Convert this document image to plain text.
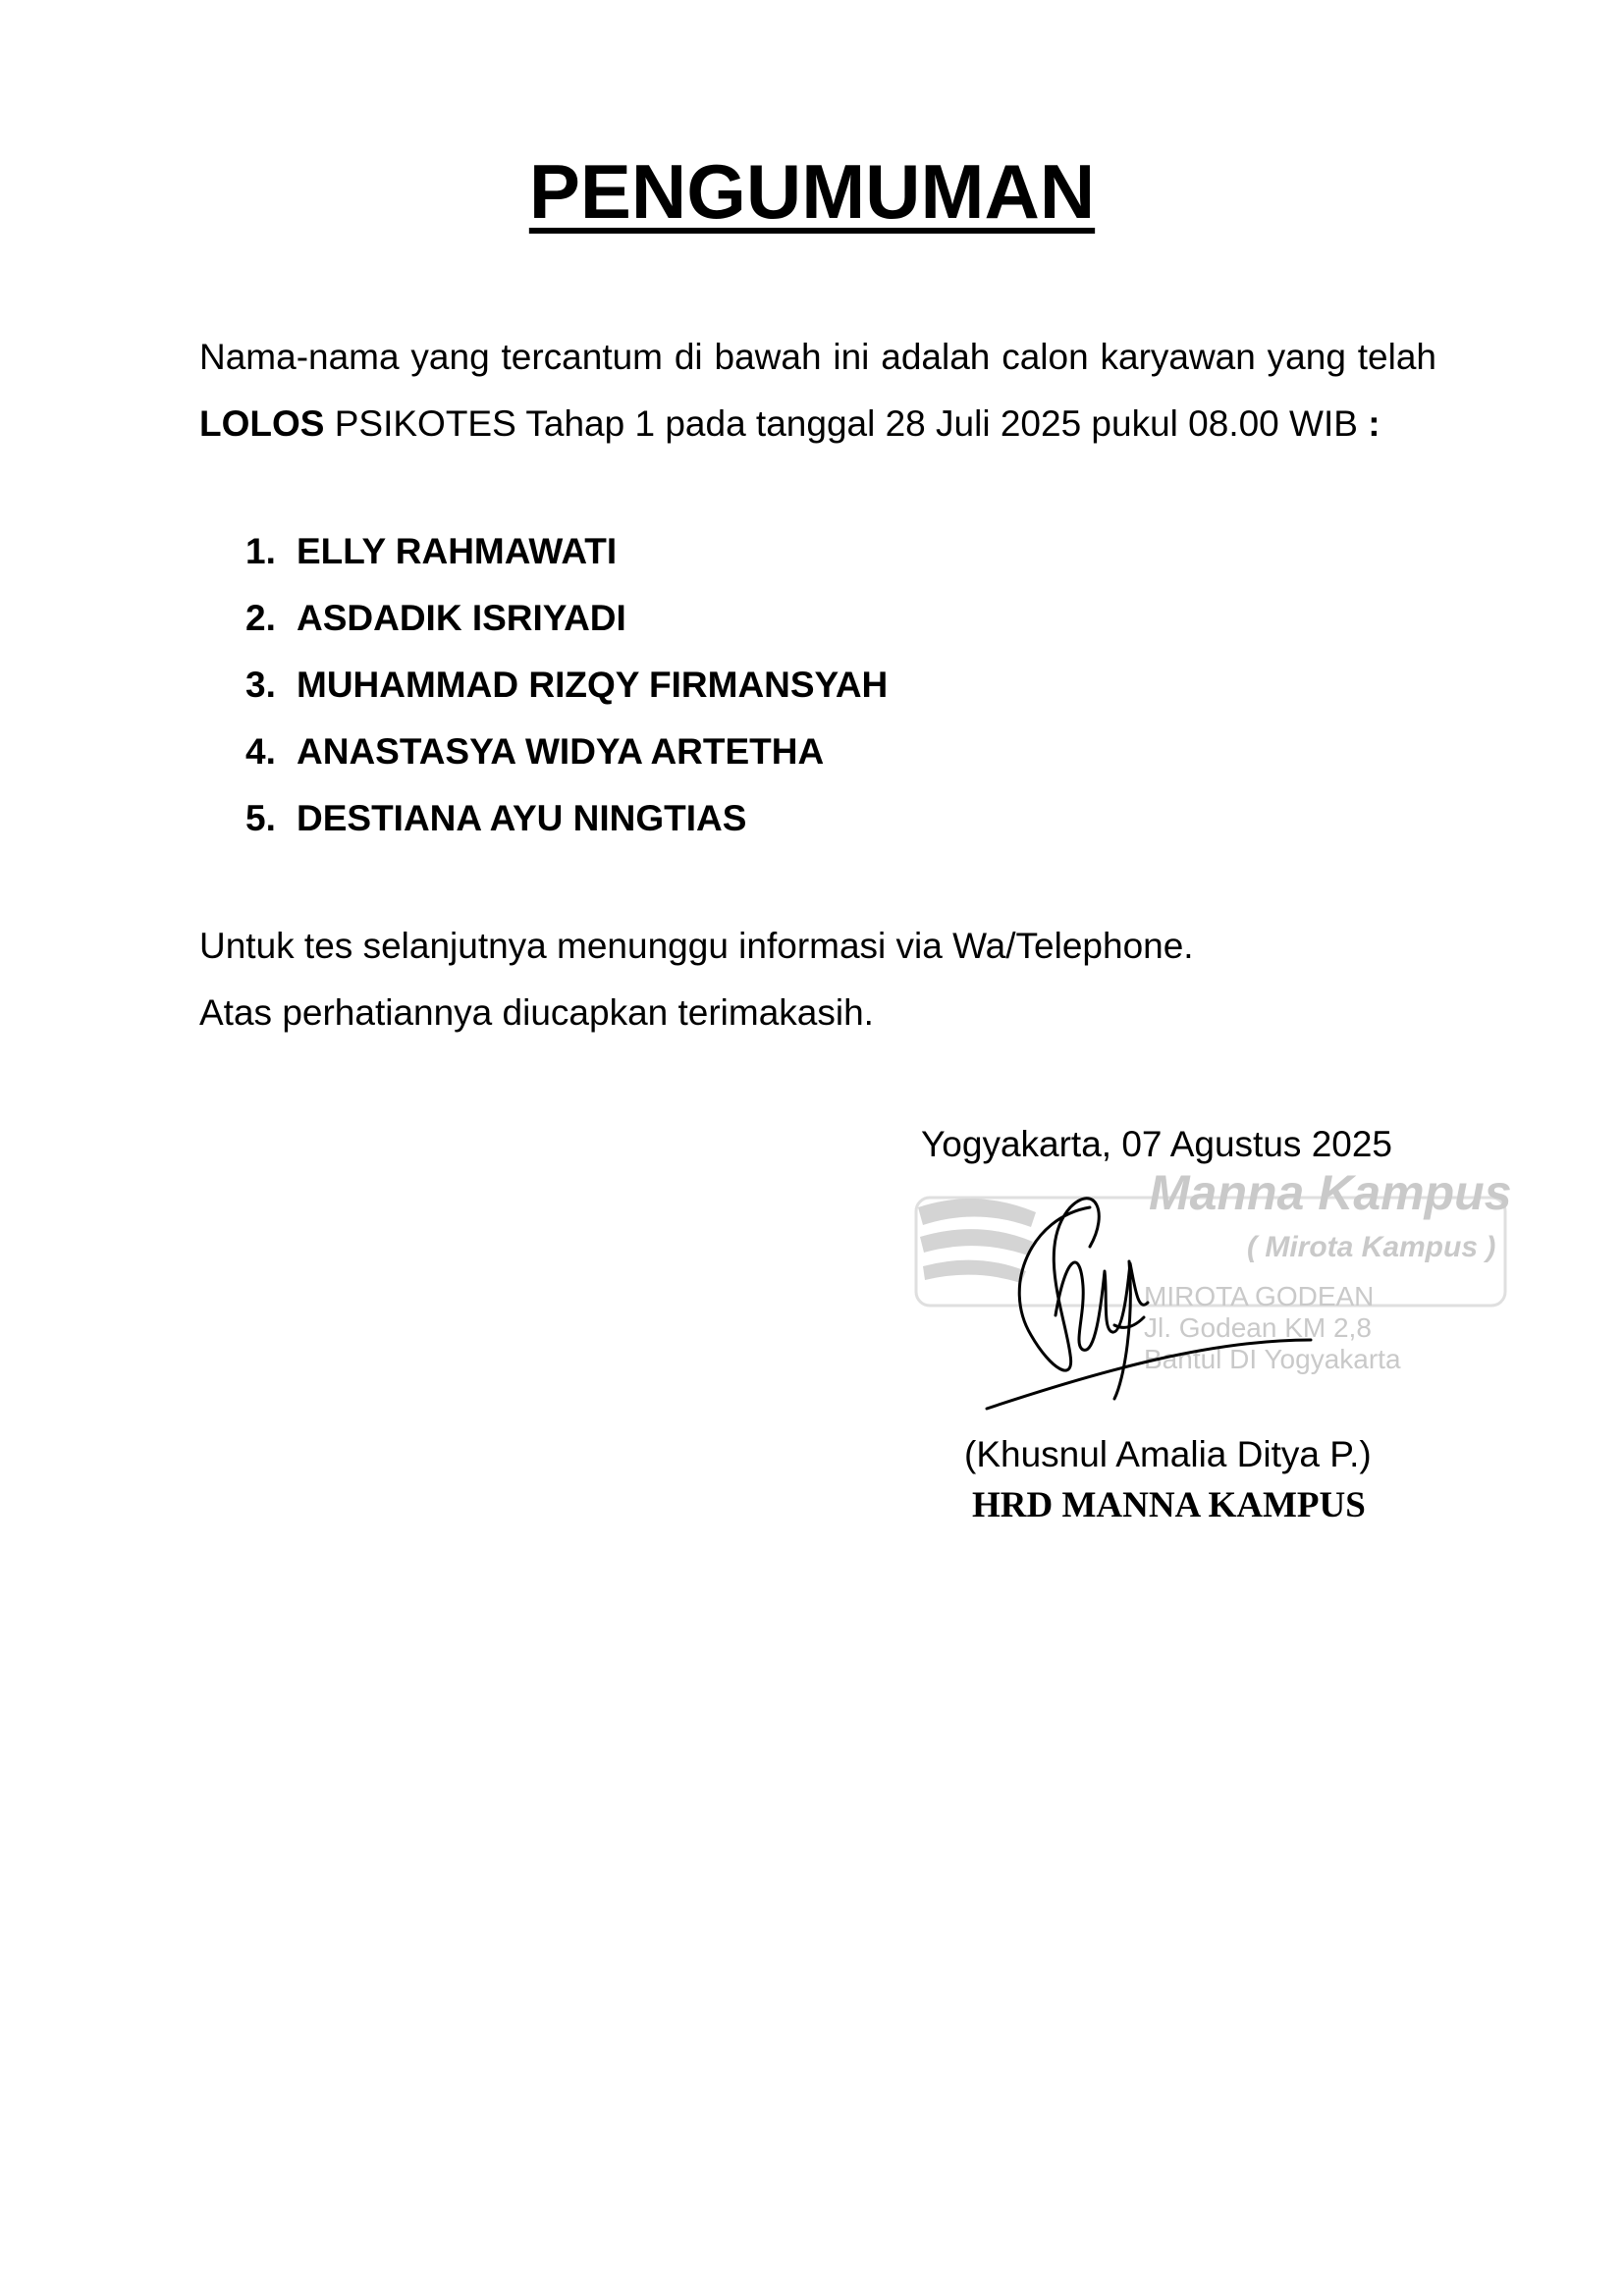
PENGUMUMAN

Nama-nama yang tercantum di bawah ini adalah calon karyawan yang telah LOLOS PSIKOTES Tahap 1 pada tanggal 28 Juli 2025 pukul 08.00 WIB :

1. ELLY RAHMAWATI
2. ASDADIK ISRIYADI
3. MUHAMMAD RIZQY FIRMANSYAH
4. ANASTASYA WIDYA ARTETHA
5. DESTIANA AYU NINGTIAS
Untuk tes selanjutnya menunggu informasi via Wa/Telephone.
Atas perhatiannya diucapkan terimakasih.
Yogyakarta, 07 Agustus 2025
Manna Kampus
( Mirota Kampus )
MIROTA GODEAN
Jl. Godean KM 2,8
Bantul DI Yogyakarta
(Khusnul Amalia Ditya P.)
HRD MANNA KAMPUS
